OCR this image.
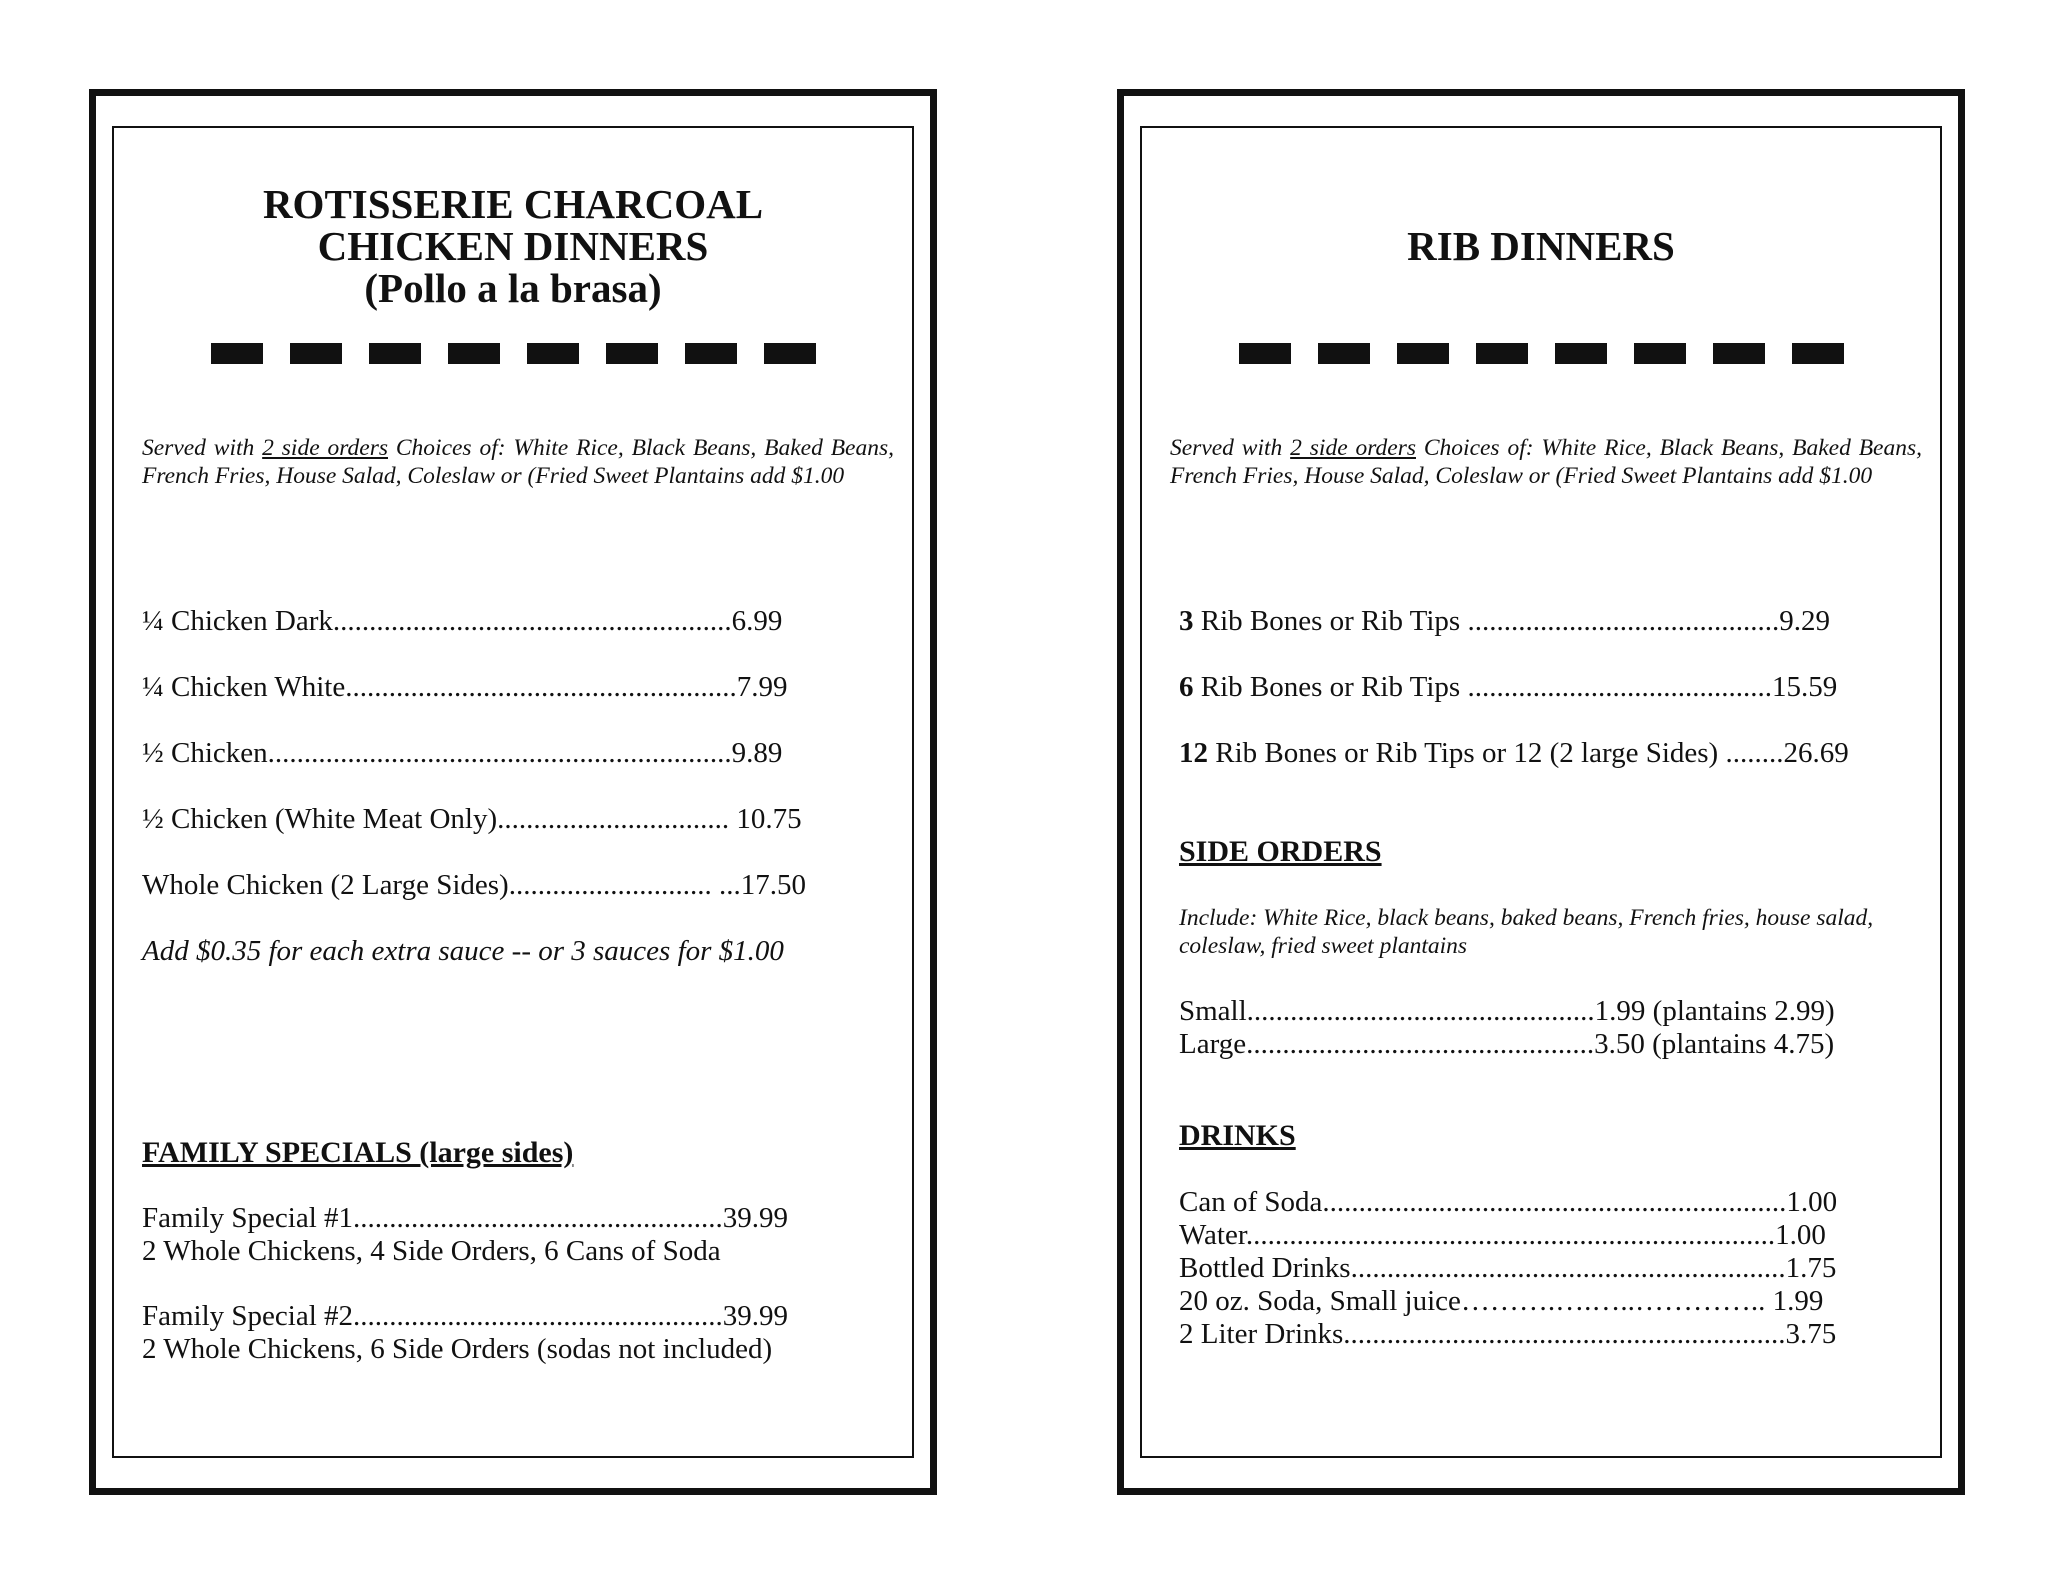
ROTISSERIE CHARCOAL
CHICKEN DINNERS
(Pollo a la brasa)
Served with 2 side orders Choices of: White Rice, Black Beans, Baked Beans, French Fries, House Salad, Coleslaw or (Fried Sweet Plantains add $1.00
¼ Chicken Dark.......................................................6.99
¼ Chicken White......................................................7.99
½ Chicken................................................................9.89
½ Chicken (White Meat Only)................................ 10.75
Whole Chicken (2 Large Sides)............................ ...17.50
Add $0.35 for each extra sauce -- or 3 sauces for $1.00
FAMILY SPECIALS (large sides)
Family Special #1...................................................39.99
2 Whole Chickens, 4 Side Orders, 6 Cans of Soda
Family Special #2...................................................39.99
2 Whole Chickens, 6 Side Orders (sodas not included)
RIB DINNERS
Served with 2 side orders Choices of: White Rice, Black Beans, Baked Beans, French Fries, House Salad, Coleslaw or (Fried Sweet Plantains add $1.00
3 Rib Bones or Rib Tips ...........................................9.29
6 Rib Bones or Rib Tips ..........................................15.59
12 Rib Bones or Rib Tips or 12 (2 large Sides) ........26.69
SIDE ORDERS
Include: White Rice, black beans, baked beans, French fries, house salad, coleslaw, fried sweet plantains
Small................................................1.99 (plantains 2.99)
Large................................................3.50 (plantains 4.75)
DRINKS
Can of Soda................................................................1.00
Water.........................................................................1.00
Bottled Drinks............................................................1.75
20 oz. Soda, Small juice……….….…..………….. 1.99
2 Liter Drinks.............................................................3.75
